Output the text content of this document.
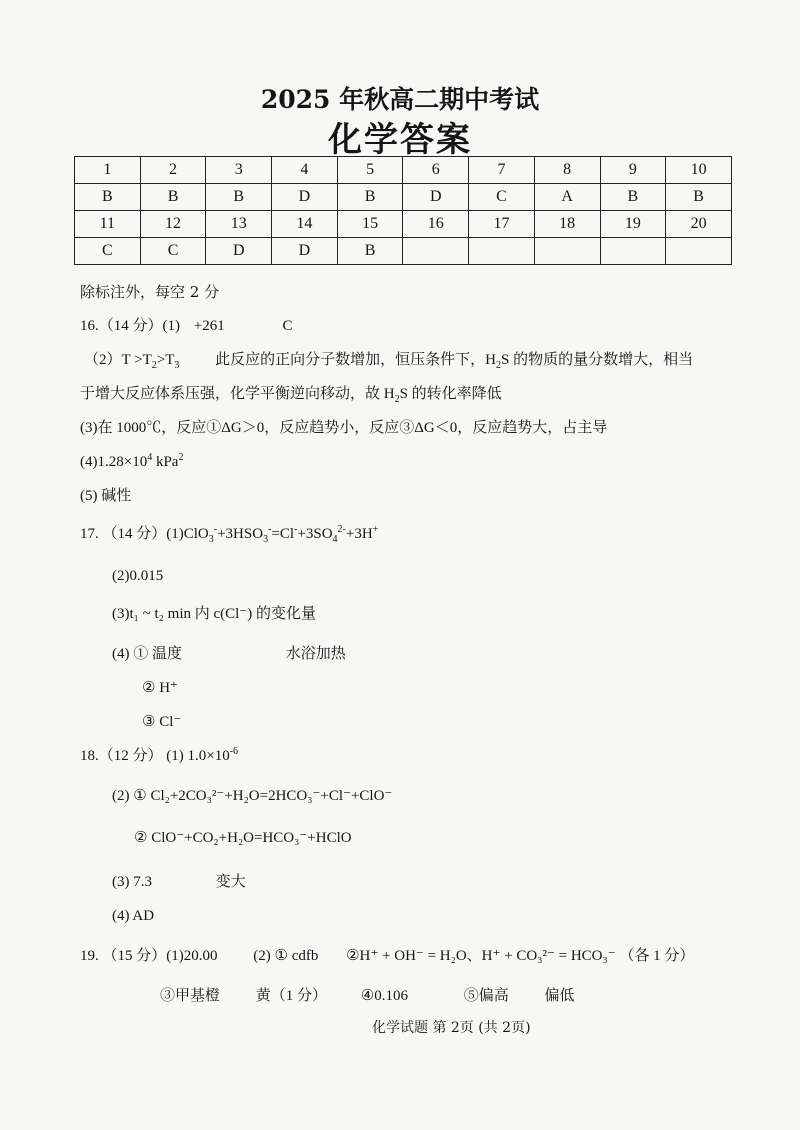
2025 年秋高二期中考试
化学答案
1	2	3	4	5	6	7	8	9	10
B	B	B	D	B	D	C	A	B	B
11	12	13	14	15	16	17	18	19	20
C	C	D	D	B					
除标注外，每空 2 分
16.（14 分）(1) +261	C
$(2)T >T_2>T_3$ 此反应的正向分子数增加，恒压条件下，$H_2S$ 的物质的量分数增大，相当
于增大反应体系压强，化学平衡逆向移动，故 $H_2S$ 的转化率降低
(3)在 1000℃，反应①ΔG＞0，反应趋势小，反应③ΔG＜0，反应趋势大，占主导
$(4)1.28\times 10^4$ kPa$^2$
(5) 碱性
17. （14 分）$(1)ClO_3^-+3HSO_3^-=Cl^-+3SO_4^{2-}+3H^+$
(2)0.015
(3)t₁ ~ t₂ min 内 c(Cl⁻) 的变化量
(4) ① 温度	水浴加热
② H⁺
③ Cl⁻
18.（12 分） (1) $1.0\times 10^{-6}$
(2) ① Cl₂+2CO₃²⁻+H₂O=2HCO₃⁻+Cl⁻+ClO⁻
② ClO⁻+CO₂+H₂O=HCO₃⁻+HClO
(3) 7.3	变大
(4) AD
19. （15 分）(1)20.00 (2) ① cdfb ②H⁺ + OH⁻ = H₂O、H⁺ + CO₃²⁻ = HCO₃⁻ （各 1 分）
③甲基橙 黄（1 分） ④0.106	⑤偏高 偏低
化学试题 第 2页 (共 2页)
